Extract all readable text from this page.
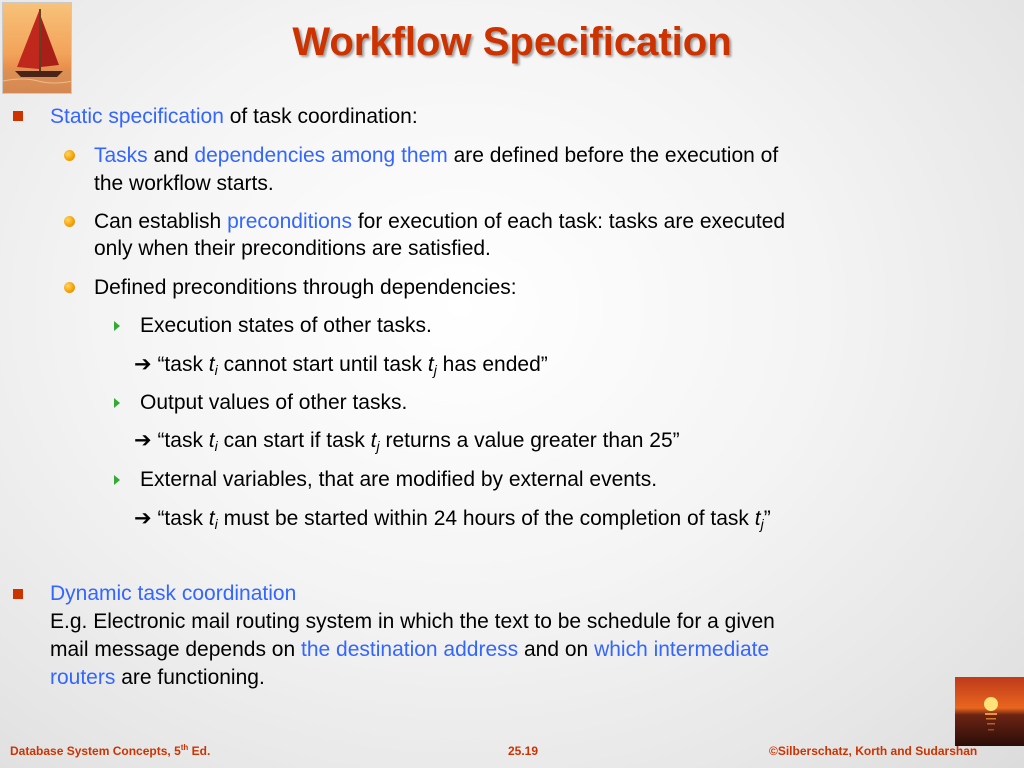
Workflow Specification
Static specification of task coordination:
Tasks and dependencies among them are defined before the execution of
the workflow starts.
Can establish preconditions for execution of each task: tasks are executed
only when their preconditions are satisfied.
Defined preconditions through dependencies:
Execution states of other tasks.
➔ “task $t_i$ cannot start until task $t_j$ has ended”
Output values of other tasks.
➔ “task $t_i$ can start if task $t_j$ returns a value greater than 25”
External variables, that are modified by external events.
➔ “task $t_i$ must be started within 24 hours of the completion of task $t_j$”
Dynamic task coordination
E.g. Electronic mail routing system in which the text to be schedule for a given
mail message depends on the destination address and on which intermediate
routers are functioning.
Database System Concepts, 5th Ed.	25.19	©Silberschatz, Korth and Sudarshan
